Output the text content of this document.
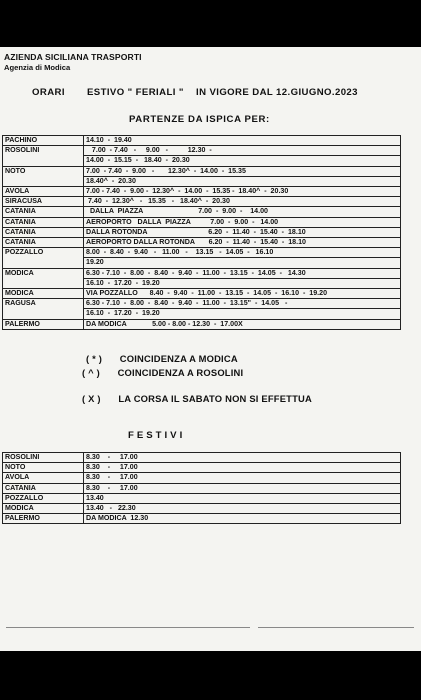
AZIENDA SICILIANA TRASPORTI
Agenzia di Modica
ORARI ESTIVO " FERIALI " IN VIGORE DAL 12.GIUGNO.2023
PARTENZE DA ISPICA PER:
PACHINO	14.10  -  19.40
ROSOLINI	7.00  - 7.40   -     9.00   -          12.30  -
	14.00  -  15.15  -   18.40  -  20.30
NOTO	7.00  - 7.40  -  9.00   -       12.30^  -  14.00  -  15.35
	18.40^  -  20.30
AVOLA	7.00 - 7.40  -  9.00 -  12.30^  -  14.00  -  15.35 -  18.40^  -  20.30
SIRACUSA	7.40  -  12.30^   -   15.35   -   18.40^  -  20.30
CATANIA	DALLA  PIAZZA                            7.00  -  9.00  -    14.00
CATANIA	AEROPORTO   DALLA  PIAZZA          7.00  -  9.00  -   14.00
CATANIA	DALLA ROTONDA                               6.20  -  11.40  -  15.40  -  18.10
CATANIA	AEROPORTO DALLA ROTONDA       6.20  -  11.40  -  15.40  -  18.10
POZZALLO	8.00  -  8.40  -  9.40   -   11.00   -    13.15   -  14.05  -   16.10
	19.20
MODICA	6.30 - 7.10  -  8.00  -  8.40  -  9.40  -  11.00  -  13.15  -  14.05  -   14.30
	16.10  -  17.20  -  19.20
MODICA	VIA POZZALLO      8.40  -  9.40  -  11.00  -  13.15  -  14.05  -  16.10  -  19.20
RAGUSA	6.30 - 7.10  -  8.00  -  8.40  -  9.40  -  11.00  -  13.15"  -  14.05   -
	16.10  -  17.20  -  19.20
PALERMO	DA MODICA             5.00 - 8.00 - 12.30  -  17.00X
( * ) COINCIDENZA A MODICA
( ^ ) COINCIDENZA A ROSOLINI
( X ) LA CORSA IL SABATO NON SI EFFETTUA
FESTIVI
ROSOLINI	8.30    -     17.00
NOTO	8.30    -     17.00
AVOLA	8.30    -     17.00
CATANIA	8.30    -     17.00
POZZALLO	13.40
MODICA	13.40   -   22.30
PALERMO	DA MODICA  12.30
